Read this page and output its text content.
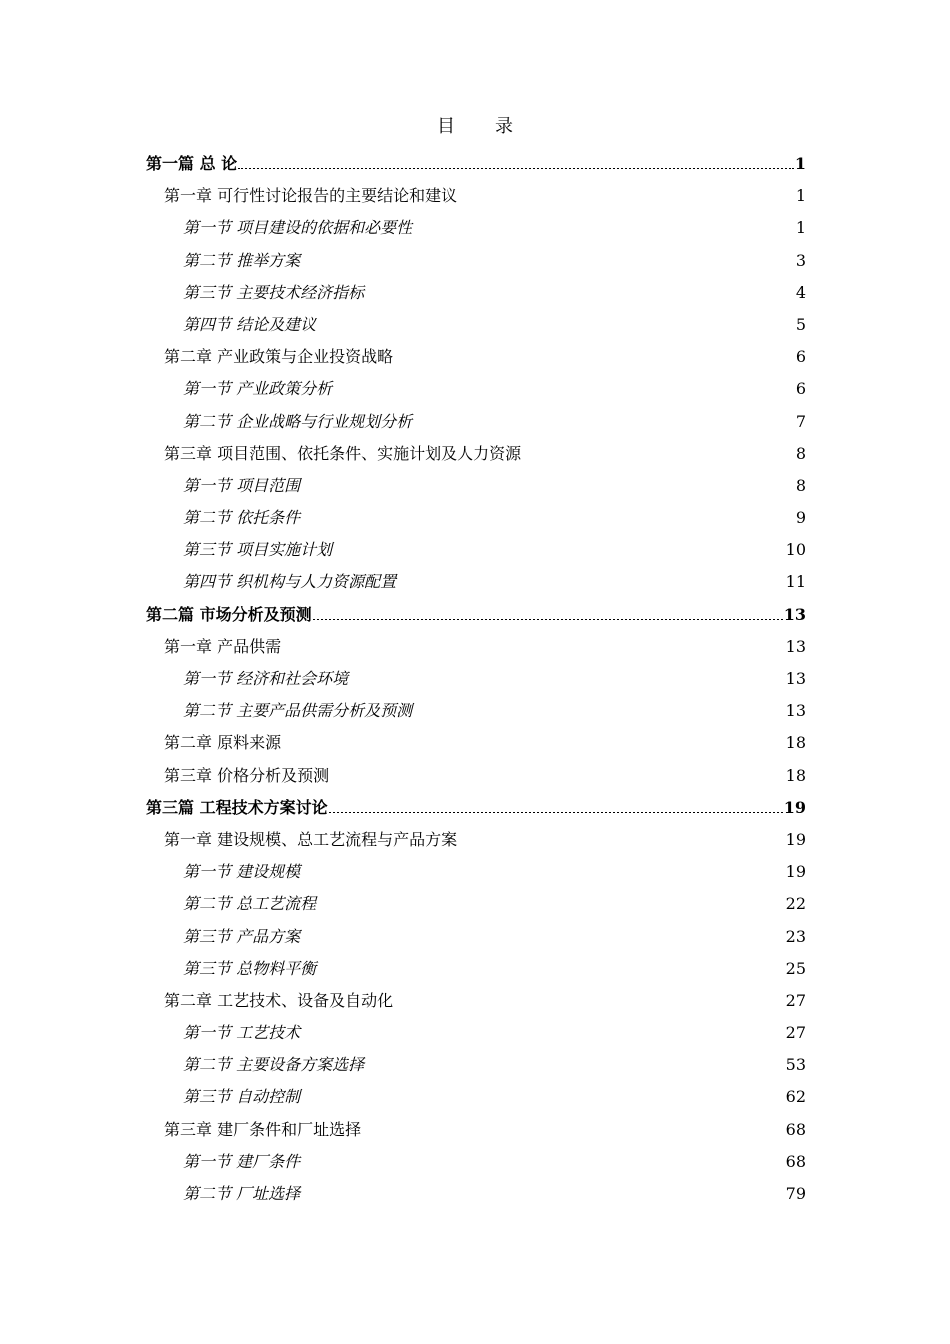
目 录
第一篇 总 论	1
第一章 可行性讨论报告的主要结论和建议	1
第一节 项目建设的依据和必要性	1
第二节 推举方案	3
第三节 主要技术经济指标	4
第四节 结论及建议	5
第二章 产业政策与企业投资战略	6
第一节 产业政策分析	6
第二节 企业战略与行业规划分析	7
第三章 项目范围、依托条件、实施计划及人力资源	8
第一节 项目范围	8
第二节 依托条件	9
第三节 项目实施计划	10
第四节 织机构与人力资源配置	11
第二篇 市场分析及预测	13
第一章 产品供需	13
第一节 经济和社会环境	13
第二节 主要产品供需分析及预测	13
第二章 原料来源	18
第三章 价格分析及预测	18
第三篇 工程技术方案讨论	19
第一章 建设规模、总工艺流程与产品方案	19
第一节 建设规模	19
第二节 总工艺流程	22
第三节 产品方案	23
第三节 总物料平衡	25
第二章 工艺技术、设备及自动化	27
第一节 工艺技术	27
第二节 主要设备方案选择	53
第三节 自动控制	62
第三章 建厂条件和厂址选择	68
第一节 建厂条件	68
第二节 厂址选择	79
